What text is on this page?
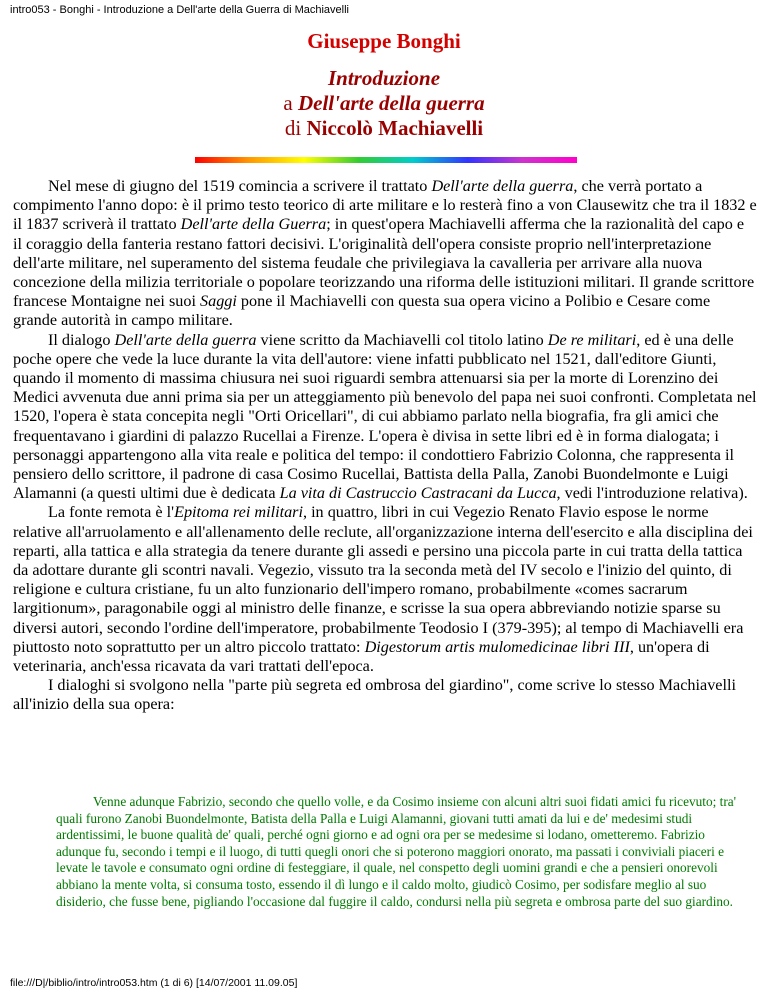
intro053 - Bonghi - Introduzione a Dell'arte della Guerra di Machiavelli
Giuseppe Bonghi
Introduzione
a Dell'arte della guerra
di Niccolò Machiavelli

Nel mese di giugno del 1519 comincia a scrivere il trattato Dell'arte della guerra, che verrà portato a compimento l'anno dopo: è il primo testo teorico di arte militare e lo resterà fino a von Clausewitz che tra il 1832 e il 1837 scriverà il trattato Dell'arte della Guerra; in quest'opera Machiavelli afferma che la razionalità del capo e il coraggio della fanteria restano fattori decisivi. L'originalità dell'opera consiste proprio nell'interpretazione dell'arte militare, nel superamento del sistema feudale che privilegiava la cavalleria per arrivare alla nuova concezione della milizia territoriale o popolare teorizzando una riforma delle istituzioni militari. Il grande scrittore francese Montaigne nei suoi Saggi pone il Machiavelli con questa sua opera vicino a Polibio e Cesare come grande autorità in campo militare.

Il dialogo Dell'arte della guerra viene scritto da Machiavelli col titolo latino De re militari, ed è una delle poche opere che vede la luce durante la vita dell'autore: viene infatti pubblicato nel 1521, dall'editore Giunti, quando il momento di massima chiusura nei suoi riguardi sembra attenuarsi sia per la morte di Lorenzino dei Medici avvenuta due anni prima sia per un atteggiamento più benevolo del papa nei suoi confronti. Completata nel 1520, l'opera è stata concepita negli "Orti Oricellari", di cui abbiamo parlato nella biografia, fra gli amici che frequentavano i giardini di palazzo Rucellai a Firenze. L'opera è divisa in sette libri ed è in forma dialogata; i personaggi appartengono alla vita reale e politica del tempo: il condottiero Fabrizio Colonna, che rappresenta il pensiero dello scrittore, il padrone di casa Cosimo Rucellai, Battista della Palla, Zanobi Buondelmonte e Luigi Alamanni (a questi ultimi due è dedicata La vita di Castruccio Castracani da Lucca, vedi l'introduzione relativa).

La fonte remota è l'Epitoma rei militari, in quattro, libri in cui Vegezio Renato Flavio espose le norme relative all'arruolamento e all'allenamento delle reclute, all'organizzazione interna dell'esercito e alla disciplina dei reparti, alla tattica e alla strategia da tenere durante gli assedi e persino una piccola parte in cui tratta della tattica da adottare durante gli scontri navali. Vegezio, vissuto tra la seconda metà del IV secolo e l'inizio del quinto, di religione e cultura cristiane, fu un alto funzionario dell'impero romano, probabilmente «comes sacrarum largitionum», paragonabile oggi al ministro delle finanze, e scrisse la sua opera abbreviando notizie sparse su diversi autori, secondo l'ordine dell'imperatore, probabilmente Teodosio I (379-395); al tempo di Machiavelli era piuttosto noto soprattutto per un altro piccolo trattato: Digestorum artis mulomedicinae libri III, un'opera di veterinaria, anch'essa ricavata da vari trattati dell'epoca.

I dialoghi si svolgono nella "parte più segreta ed ombrosa del giardino", come scrive lo stesso Machiavelli all'inizio della sua opera:

Venne adunque Fabrizio, secondo che quello volle, e da Cosimo insieme con alcuni altri suoi fidati amici fu ricevuto; tra' quali furono Zanobi Buondelmonte, Batista della Palla e Luigi Alamanni, giovani tutti amati da lui e de' medesimi studi ardentissimi, le buone qualità de' quali, perché ogni giorno e ad ogni ora per se medesime si lodano, ometteremo. Fabrizio adunque fu, secondo i tempi e il luogo, di tutti quegli onori che si poterono maggiori onorato, ma passati i conviviali piaceri e levate le tavole e consumato ogni ordine di festeggiare, il quale, nel conspetto degli uomini grandi e che a pensieri onorevoli abbiano la mente volta, si consuma tosto, essendo il dì lungo e il caldo molto, giudicò Cosimo, per sodisfare meglio al suo disiderio, che fusse bene, pigliando l'occasione dal fuggire il caldo, condursi nella più segreta e ombrosa parte del suo giardino.
file:///D|/biblio/intro/intro053.htm (1 di 6) [14/07/2001 11.09.05]
